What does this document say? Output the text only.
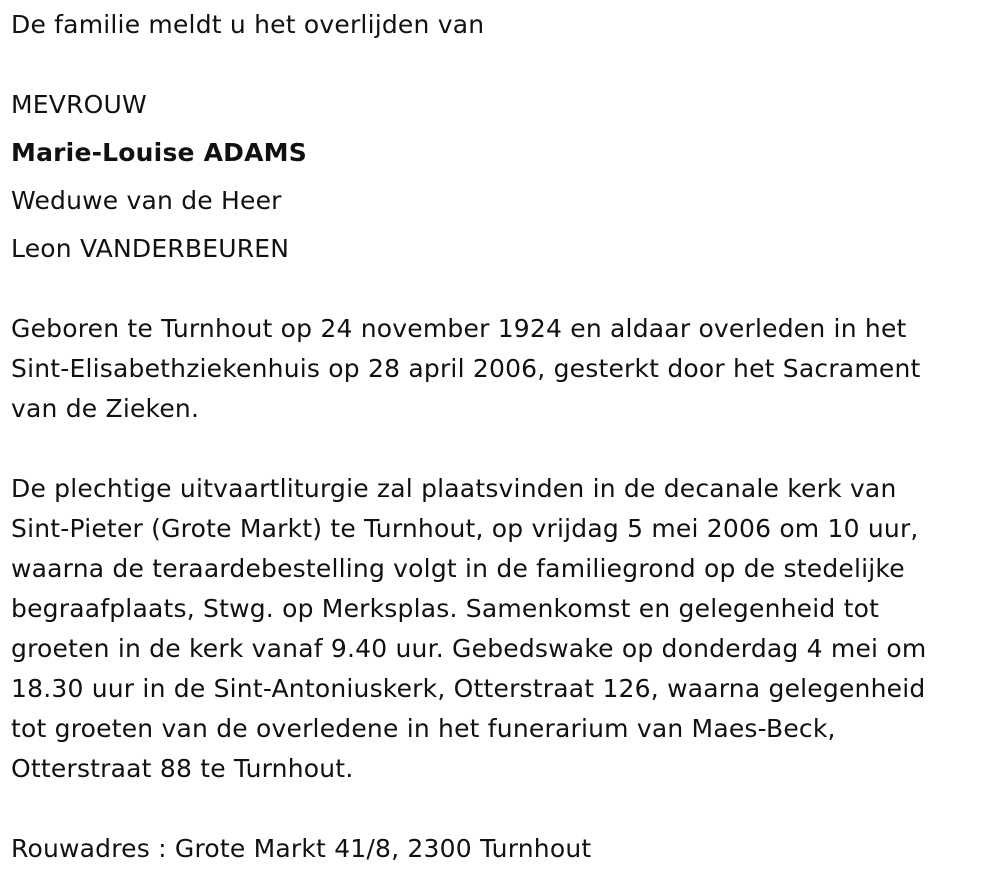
De familie meldt u het overlijden van
MEVROUW
Marie-Louise ADAMS
Weduwe van de Heer
Leon VANDERBEUREN
Geboren te Turnhout op 24 november 1924 en aldaar overleden in het
Sint-Elisabethziekenhuis op 28 april 2006, gesterkt door het Sacrament
van de Zieken.
De plechtige uitvaartliturgie zal plaatsvinden in de decanale kerk van
Sint-Pieter (Grote Markt) te Turnhout, op vrijdag 5 mei 2006 om 10 uur,
waarna de teraardebestelling volgt in de familiegrond op de stedelijke
begraafplaats, Stwg. op Merksplas. Samenkomst en gelegenheid tot
groeten in de kerk vanaf 9.40 uur. Gebedswake op donderdag 4 mei om
18.30 uur in de Sint-Antoniuskerk, Otterstraat 126, waarna gelegenheid
tot groeten van de overledene in het funerarium van Maes-Beck,
Otterstraat 88 te Turnhout.
Rouwadres : Grote Markt 41/8, 2300 Turnhout
